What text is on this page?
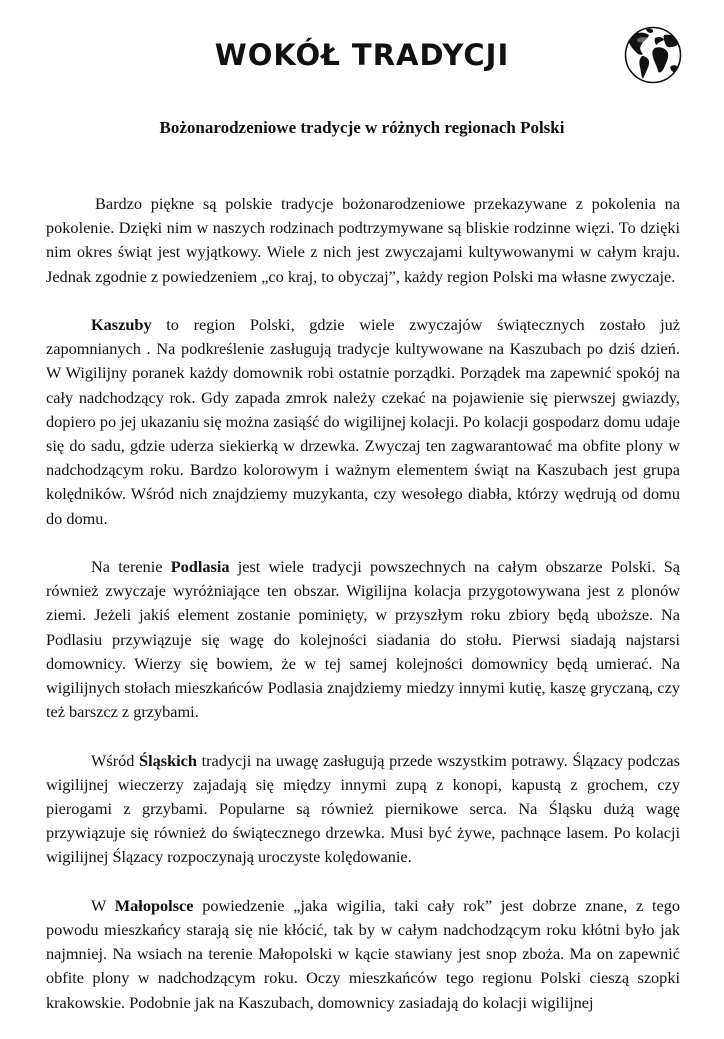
WOKÓŁ TRADYCJI
Bożonarodzeniowe tradycje w różnych regionach Polski

Bardzo piękne są polskie tradycje bożonarodzeniowe przekazywane z pokolenia na pokolenie. Dzięki nim w naszych rodzinach podtrzymywane są bliskie rodzinne więzi. To dzięki nim okres świąt jest wyjątkowy. Wiele z nich jest zwyczajami kultywowanymi w całym kraju. Jednak zgodnie z powiedzeniem „co kraj, to obyczaj”, każdy region Polski ma własne zwyczaje.

Kaszuby to region Polski, gdzie wiele zwyczajów świątecznych zostało już zapomnianych . Na podkreślenie zasługują tradycje kultywowane na Kaszubach po dziś dzień. W Wigilijny poranek każdy domownik robi ostatnie porządki. Porządek ma zapewnić spokój na cały nadchodzący rok. Gdy zapada zmrok należy czekać na pojawienie się pierwszej gwiazdy, dopiero po jej ukazaniu się można zasiąść do wigilijnej kolacji. Po kolacji gospodarz domu udaje się do sadu, gdzie uderza siekierką w drzewka. Zwyczaj ten zagwarantować ma obfite plony w nadchodzącym roku. Bardzo kolorowym i ważnym elementem świąt na Kaszubach jest grupa kolędników. Wśród nich znajdziemy muzykanta, czy wesołego diabła, którzy wędrują od domu do domu.

Na terenie Podlasia jest wiele tradycji powszechnych na całym obszarze Polski. Są również zwyczaje wyróżniające ten obszar. Wigilijna kolacja przygotowywana jest z plonów ziemi. Jeżeli jakiś element zostanie pominięty, w przyszłym roku zbiory będą uboższe. Na Podlasiu przywiązuje się wagę do kolejności siadania do stołu. Pierwsi siadają najstarsi domownicy. Wierzy się bowiem, że w tej samej kolejności domownicy będą umierać. Na wigilijnych stołach mieszkańców Podlasia znajdziemy miedzy innymi kutię, kaszę gryczaną, czy też barszcz z grzybami.

Wśród Śląskich tradycji na uwagę zasługują przede wszystkim potrawy. Ślązacy podczas wigilijnej wieczerzy zajadają się między innymi zupą z konopi, kapustą z grochem, czy pierogami z grzybami. Popularne są również piernikowe serca. Na Śląsku dużą wagę przywiązuje się również do świątecznego drzewka. Musi być żywe, pachnące lasem. Po kolacji wigilijnej Ślązacy rozpoczynają uroczyste kolędowanie.

W Małopolsce powiedzenie „jaka wigilia, taki cały rok” jest dobrze znane, z tego powodu mieszkańcy starają się nie kłócić, tak by w całym nadchodzącym roku kłótni było jak najmniej. Na wsiach na terenie Małopolski w kącie stawiany jest snop zboża. Ma on zapewnić obfite plony w nadchodzącym roku. Oczy mieszkańców tego regionu Polski cieszą szopki krakowskie. Podobnie jak na Kaszubach, domownicy zasiadają do kolacji wigilijnej
